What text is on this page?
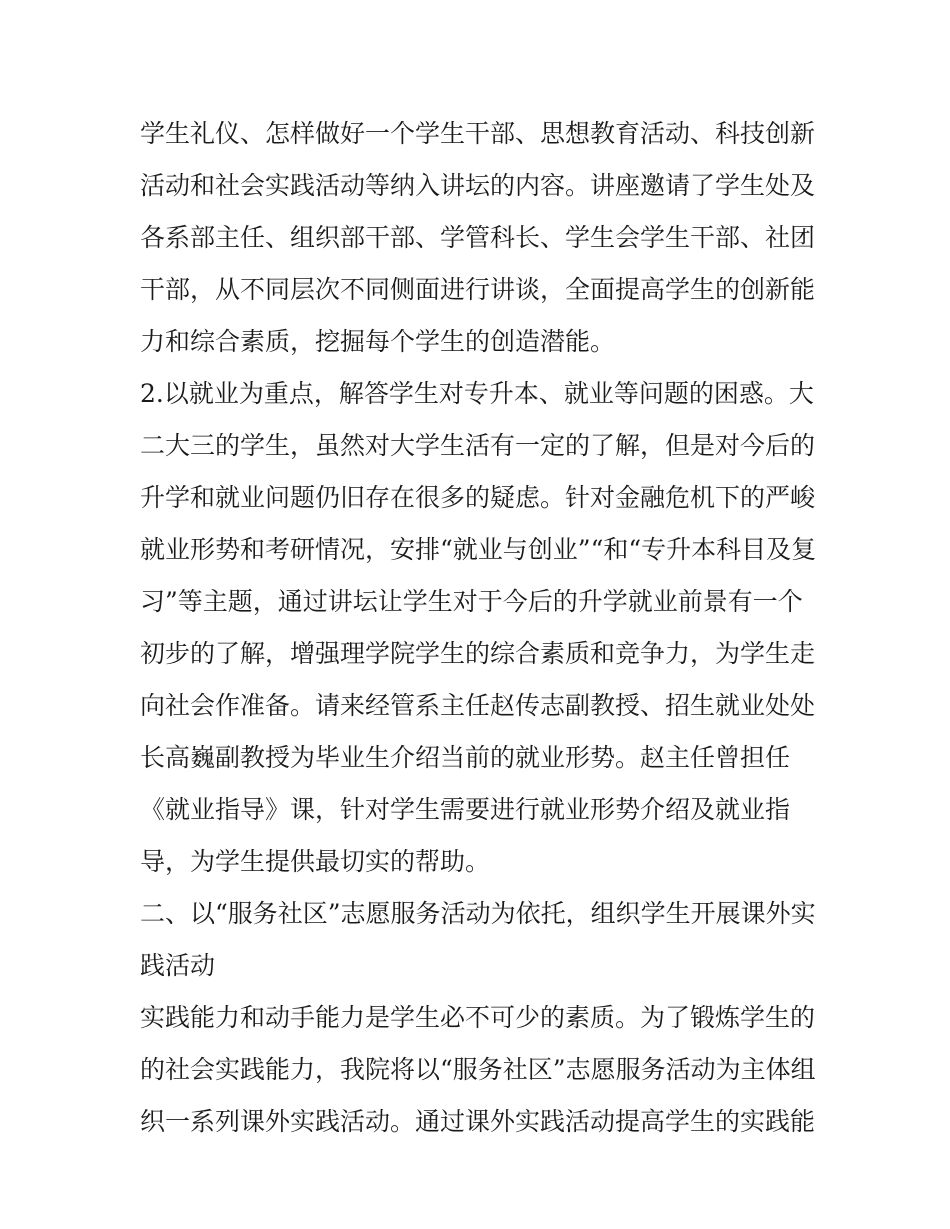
学生礼仪、怎样做好一个学生干部、思想教育活动、科技创新
活动和社会实践活动等纳入讲坛的内容。讲座邀请了学生处及
各系部主任、组织部干部、学管科长、学生会学生干部、社团
干部，从不同层次不同侧面进行讲谈，全面提高学生的创新能
力和综合素质，挖掘每个学生的创造潜能。
2.以就业为重点，解答学生对专升本、就业等问题的困惑。大
二大三的学生，虽然对大学生活有一定的了解，但是对今后的
升学和就业问题仍旧存在很多的疑虑。针对金融危机下的严峻
就业形势和考研情况，安排“就业与创业”“和“专升本科目及复
习”等主题，通过讲坛让学生对于今后的升学就业前景有一个
初步的了解，增强理学院学生的综合素质和竞争力，为学生走
向社会作准备。请来经管系主任赵传志副教授、招生就业处处
长高巍副教授为毕业生介绍当前的就业形势。赵主任曾担任
《就业指导》课，针对学生需要进行就业形势介绍及就业指
导，为学生提供最切实的帮助。
二、以“服务社区”志愿服务活动为依托，组织学生开展课外实
践活动
实践能力和动手能力是学生必不可少的素质。为了锻炼学生的
的社会实践能力，我院将以“服务社区”志愿服务活动为主体组
织一系列课外实践活动。通过课外实践活动提高学生的实践能
